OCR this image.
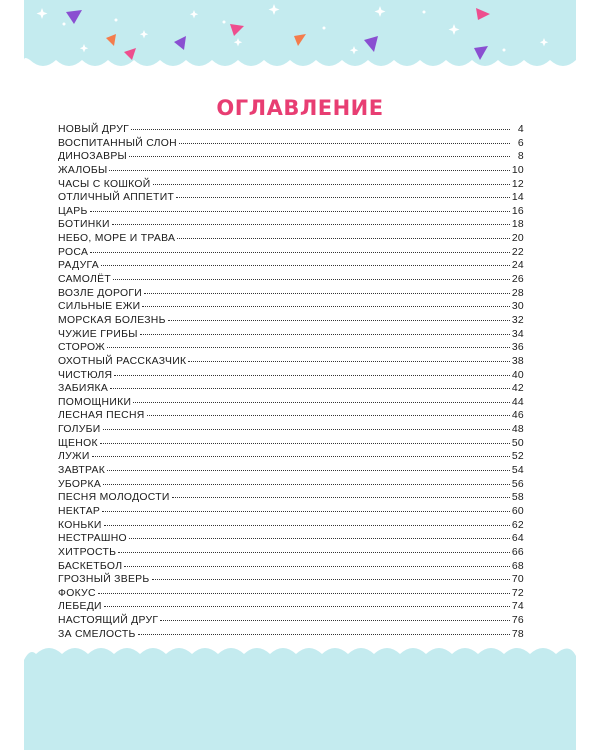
ОГЛАВЛЕНИЕ
НОВЫЙ ДРУГ	4
ВОСПИТАННЫЙ СЛОН	6
ДИНОЗАВРЫ	8
ЖАЛОБЫ	10
ЧАСЫ С КОШКОЙ	12
ОТЛИЧНЫЙ АППЕТИТ	14
ЦАРЬ	16
БОТИНКИ	18
НЕБО, МОРЕ И ТРАВА	20
РОСА	22
РАДУГА	24
САМОЛЁТ	26
ВОЗЛЕ ДОРОГИ	28
СИЛЬНЫЕ ЕЖИ	30
МОРСКАЯ БОЛЕЗНЬ	32
ЧУЖИЕ ГРИБЫ	34
СТОРОЖ	36
ОХОТНЫЙ РАССКАЗЧИК	38
ЧИСТЮЛЯ	40
ЗАБИЯКА	42
ПОМОЩНИКИ	44
ЛЕСНАЯ ПЕСНЯ	46
ГОЛУБИ	48
ЩЕНОК	50
ЛУЖИ	52
ЗАВТРАК	54
УБОРКА	56
ПЕСНЯ МОЛОДОСТИ	58
НЕКТАР	60
КОНЬКИ	62
НЕСТРАШНО	64
ХИТРОСТЬ	66
БАСКЕТБОЛ	68
ГРОЗНЫЙ ЗВЕРЬ	70
ФОКУС	72
ЛЕБЕДИ	74
НАСТОЯЩИЙ ДРУГ	76
ЗА СМЕЛОСТЬ	78
